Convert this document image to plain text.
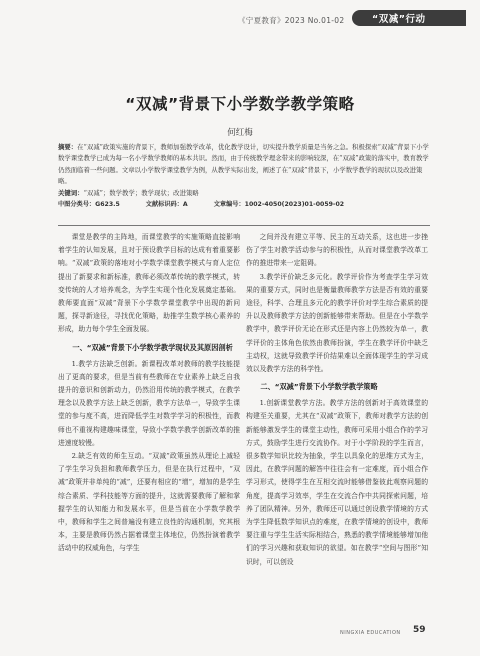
“双减”行动
《宁夏教育》2023 No.01-02
“双减”背景下小学数学教学策略
何红梅

摘要：在“双减”政策实施的背景下，教师加强教学改革，优化教学设计，切实提升教学质量是当务之急。积极探索“双减”背景下小学数学课堂教学已成为每一名小学数学教师的基本共识。然而，由于传统教学理念带来的影响较深，在“双减”政策的落实中，教育教学仍然面临着一些问题。文章以小学数学课堂教学为例，从教学实际出发，阐述了在“双减”背景下，小学数学教学的现状以及改进策略。

关键词：“双减”；数学教学；教学现状；改进策略

中图分类号：G623.5	文献标识码：A	文章编号：1002-4050(2023)01-0059-02

课堂是教学的主阵地，而课堂教学的实施策略直接影响着学生的认知发展，且对于预设教学目标的达成有着重要影响。“双减”政策的落地对小学数学课堂教学模式与育人定位提出了新要求和新标准，教师必须改革传统的教学模式，转变传统的人才培养观念，为学生实现个性化发展奠定基础。教师要直面“双减”背景下小学数学课堂教学中出现的新问题，探寻新途径，寻找优化策略，助推学生数学核心素养的形成，助力每个学生全面发展。

一、“双减”背景下小学数学教学现状及其原因剖析

1.教学方法缺乏创新。新课程改革对教师的教学技能提出了更高的要求，但是当前有些教师在专业素养上缺乏自我提升的意识和创新动力，仍然沿用传统的教学模式，在教学理念以及教学方法上缺乏创新，教学方法单一，导致学生课堂的参与度不高，进而降低学生对数学学习的积极性，而教师也不重视构建趣味课堂，导致小学数学教学创新改革的推进速度较慢。

2.缺乏有效的师生互动。“双减”政策虽然从理论上减轻了学生学习负担和教师教学压力，但是在执行过程中，“双减”政策并非单纯的“减”，还要有相应的“增”，增加的是学生综合素质、学科技能等方面的提升，这就需要教师了解和掌握学生的认知能力和发展水平，但是当前在小学数学教学中，教师和学生之间普遍没有建立良性的沟通机制，究其根本，主要是教师仍然占据着课堂主体地位，仍然扮演着教学活动中的权威角色，与学生

之间并没有建立平等、民主的互动关系，这也进一步挫伤了学生对教学活动参与的积极性，从而对课堂教学改革工作的推进带来一定阻碍。

3.教学评价缺乏多元化。教学评价作为考查学生学习效果的重要方式，同时也是衡量教师教学方法是否有效的重要途径，科学、合理且多元化的教学评价对学生综合素质的提升以及教师教学方法的创新能够带来帮助。但是在小学数学教学中，教学评价无论在形式还是内容上仍然较为单一，教学评价的主体角色依然由教师扮演，学生在教学评价中缺乏主动权，这就导致教学评价结果难以全面体现学生的学习成效以及教学方法的科学性。

二、“双减”背景下小学数学教学策略

1.创新课堂教学方法。教学方法的创新对于高效课堂的构建至关重要，尤其在“双减”政策下，教师对教学方法的创新能够激发学生的课堂主动性，教师可采用小组合作的学习方式，鼓励学生进行交流协作。对于小学阶段的学生而言，很多数学知识比较为抽象，学生以具象化的思维方式为主，因此，在教学问题的解答中往往会有一定难度，而小组合作学习形式，使得学生在互相交流时能够借鉴彼此观察问题的角度，提高学习效率，学生在交流合作中共同探索问题，培养了团队精神。另外，教师还可以通过创设教学情境的方式为学生降低数学知识点的难度，在教学情境的创设中，教师要注重与学生生活实际相结合，熟悉的教学情境能够增加他们的学习兴趣和获取知识的欲望。如在教学“空间与图形”知识时，可以创设

NINGXIA EDUCATION 59
